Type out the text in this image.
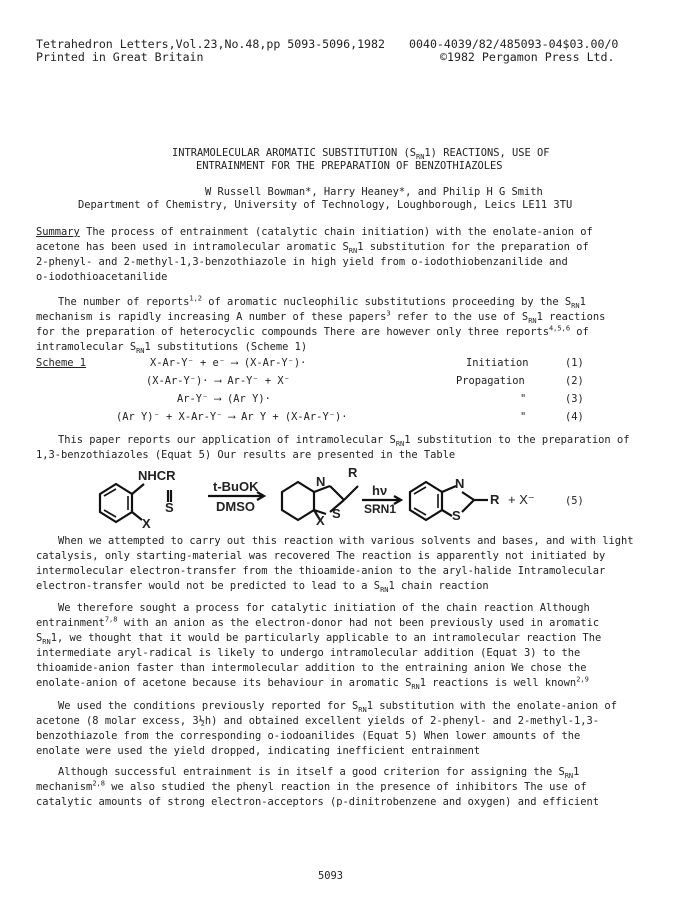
Tetrahedron Letters,Vol.23,No.48,pp 5093-5096,1982
Printed in Great Britain
0040-4039/82/485093-04$03.00/0
©1982 Pergamon Press Ltd.
INTRAMOLECULAR AROMATIC SUBSTITUTION $(S_{RN}1)$ REACTIONS, USE OF
ENTRAINMENT FOR THE PREPARATION OF BENZOTHIAZOLES
W Russell Bowman*, Harry Heaney*, and Philip H G Smith
Department of Chemistry, University of Technology, Loughborough, Leics LE11 3TU
Summary The process of entrainment (catalytic chain initiation) with the enolate-anion of
acetone has been used in intramolecular aromatic $S_{RN}1$ substitution for the preparation of
2-phenyl- and 2-methyl-1,3-benzothiazole in high yield from o-iodothiobenzanilide and
o-iodothioacetanilide
The number of reports$^{1,2}$ of aromatic nucleophilic substitutions proceeding by the $S_{RN}1$
mechanism is rapidly increasing A number of these papers$^3$ refer to the use of $S_{RN}1$ reactions
for the preparation of heterocyclic compounds There are however only three reports$^{4,5,6}$ of
intramolecular $S_{RN}1$ substitutions (Scheme 1)
Scheme 1	X-Ar-Y⁻ + e⁻ ⟶ (X-Ar-Y⁻)·	Initiation	(1)
(X-Ar-Y⁻)· ⟶ Ar-Y⁻ + X⁻	Propagation	(2)
Ar-Y⁻ ⟶ (Ar Y)·	"	(3)
(Ar Y)⁻ + X-Ar-Y⁻ ⟶ Ar Y + (X-Ar-Y⁻)·	"	(4)
This paper reports our application of intramolecular $S_{RN}1$ substitution to the preparation of
1,3-benzothiazoles (Equat 5) Our results are presented in the Table
NHCR
S
X
t-BuOK
DMSO
R
N
S
X
hν
SRN1
N
S
R + X⁻	(5)
When we attempted to carry out this reaction with various solvents and bases, and with light
catalysis, only starting-material was recovered The reaction is apparently not initiated by
intermolecular electron-transfer from the thioamide-anion to the aryl-halide Intramolecular
electron-transfer would not be predicted to lead to a $S_{RN}1$ chain reaction
We therefore sought a process for catalytic initiation of the chain reaction Although
entrainment$^{7,8}$ with an anion as the electron-donor had not been previously used in aromatic
$S_{RN}1$, we thought that it would be particularly applicable to an intramolecular reaction The
intermediate aryl-radical is likely to undergo intramolecular addition (Equat 3) to the
thioamide-anion faster than intermolecular addition to the entraining anion We chose the
enolate-anion of acetone because its behaviour in aromatic $S_{RN}1$ reactions is well known$^{2,9}$
We used the conditions previously reported for $S_{RN}1$ substitution with the enolate-anion of
acetone (8 molar excess, 3½h) and obtained excellent yields of 2-phenyl- and 2-methyl-1,3-
benzothiazole from the corresponding o-iodoanilides (Equat 5) When lower amounts of the
enolate were used the yield dropped, indicating inefficient entrainment
Although successful entrainment is in itself a good criterion for assigning the $S_{RN}1$
mechanism$^{2,8}$ we also studied the phenyl reaction in the presence of inhibitors The use of
catalytic amounts of strong electron-acceptors (p-dinitrobenzene and oxygen) and efficient
5093
